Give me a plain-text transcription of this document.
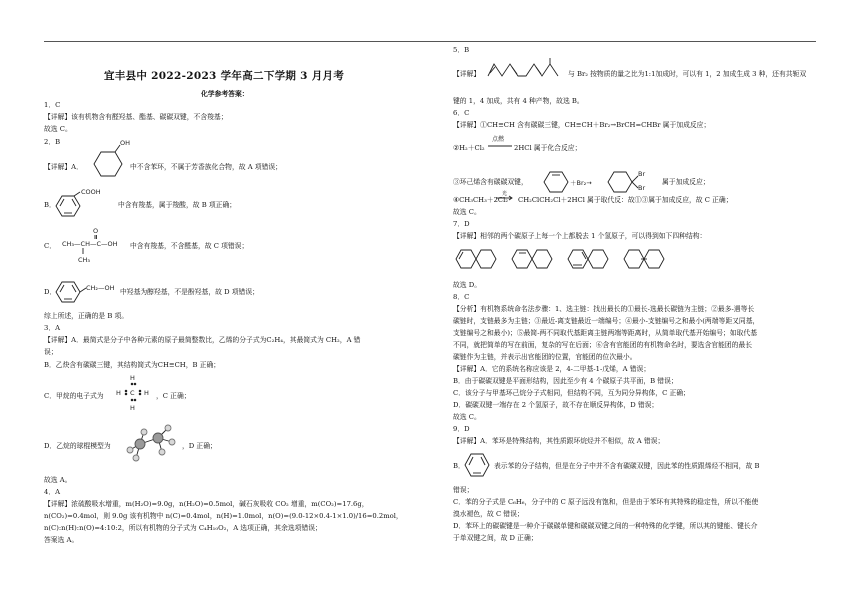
宜丰县中 2022-2023 学年高二下学期 3 月月考
化学参考答案：
1．C
【详解】该有机物含有醛羟基、酯基、碳碳双键，不含羧基；
故选 C。
2．B
【详解】A．
OH
中不含苯环，不属于芳香族化合物，故 A 项错误；
B．
COOH
中含有羧基，属于羧酸，故 B 项正确；
C． CH₃—CH—C—OH
O
CH₃
中含有羧基，不含醛基，故 C 项错误；
D．	CH₂—OH 中羟基为醇羟基，不是酚羟基，故 D 项错误；
综上所述，正确的是 B 项。
3．A
【详解】A．最简式是分子中各种元素的原子最简整数比，乙烯的分子式为C₂H₄，其最简式为 CH₂，A 错
误；
B．乙炔含有碳碳三键，其结构简式为CH≡CH，B 正确；
C．甲烷的电子式为
H
H C H
H
，C 正确；
D．乙烷的球棍模型为	，D 正确；
故选 A。
4．A
【详解】浓硫酸吸水增重，m(H₂O)=9.0g，n(H₂O)=0.5mol，碱石灰吸收 CO₂ 增重，m(CO₂)=17.6g，
n(CO₂)=0.4mol，则 9.0g 该有机物中 n(C)=0.4mol，n(H)=1.0mol，n(O)=(9.0-12×0.4-1×1.0)/16=0.2mol，
n(C):n(H):n(O)=4:10:2，所以有机物的分子式为 C₄H₁₀O₂，A 选项正确，其余选项错误；
答案选 A。
5．B
【详解】	与 Br₂ 按物质的量之比为1:1加成时，可以有 1，2 加成生成 3 种，还有共轭双
键的 1，4 加成，共有 4 种产物，故选 B。
6．C
【详解】①CH≡CH 含有碳碳三键，CH≡CH＋Br₂→BrCH=CHBr 属于加成反应；
点燃
②H₂＋Cl₂	2HCl 属于化合反应；
③环己烯含有碳碳双键，	＋Br₂→
Br
Br
属于加成反应；
④CH₃CH₃＋2Cl₂
光
CH₂ClCH₂Cl＋2HCl 属于取代反：故①③属于加成反应，故 C 正确；
故选 C。
7．D
【详解】相邻的两个碳原子上每一个上都脱去 1 个氢原子，可以得到如下四种结构：
故选 D。
8．C
【分析】有机物系统命名法步骤：1、选主链：找出最长的①最长-选最长碳链为主链；②最多-遇等长
碳链时，支链最多为主链；③最近-离支链最近一端编号；④最小-支链编号之和最小(两端等距又同基，
支链编号之和最小)；⑤最简-两不同取代基距离主链两端等距离时，从简单取代基开始编号；如取代基
不同，就把简单的写在前面，复杂的写在后面；⑥含有官能团的有机物命名时，要选含官能团的最长
碳链作为主链，并表示出官能团的位置，官能团的位次最小。
【详解】A．它的系统名称应该是 2，4-二甲基-1-戊烯，A 错误；
B．由于碳碳双键是平面形结构，因此至少有 4 个碳原子共平面，B 错误；
C．该分子与甲基环己烷分子式相同，但结构不同，互为同分异构体，C 正确；
D．碳碳双键一端存在 2 个氢原子，故不存在顺反异构体，D 错误；
故选 C。
9．D
【详解】A．苯环是特殊结构，其性质跟环烷烃并不相似，故 A 错误；
B．	表示苯的分子结构，但是在分子中并不含有碳碳双键，因此苯的性质跟烯烃不相同，故 B
错误；
C．苯的分子式是 C₆H₆，分子中的 C 原子远没有饱和，但是由于苯环有其特殊的稳定性，所以不能使
溴水褪色，故 C 错误；
D．苯环上的碳碳键是一种介于碳碳单键和碳碳双键之间的一种特殊的化学键，所以其的键能、键长介
于单双键之间，故 D 正确；
